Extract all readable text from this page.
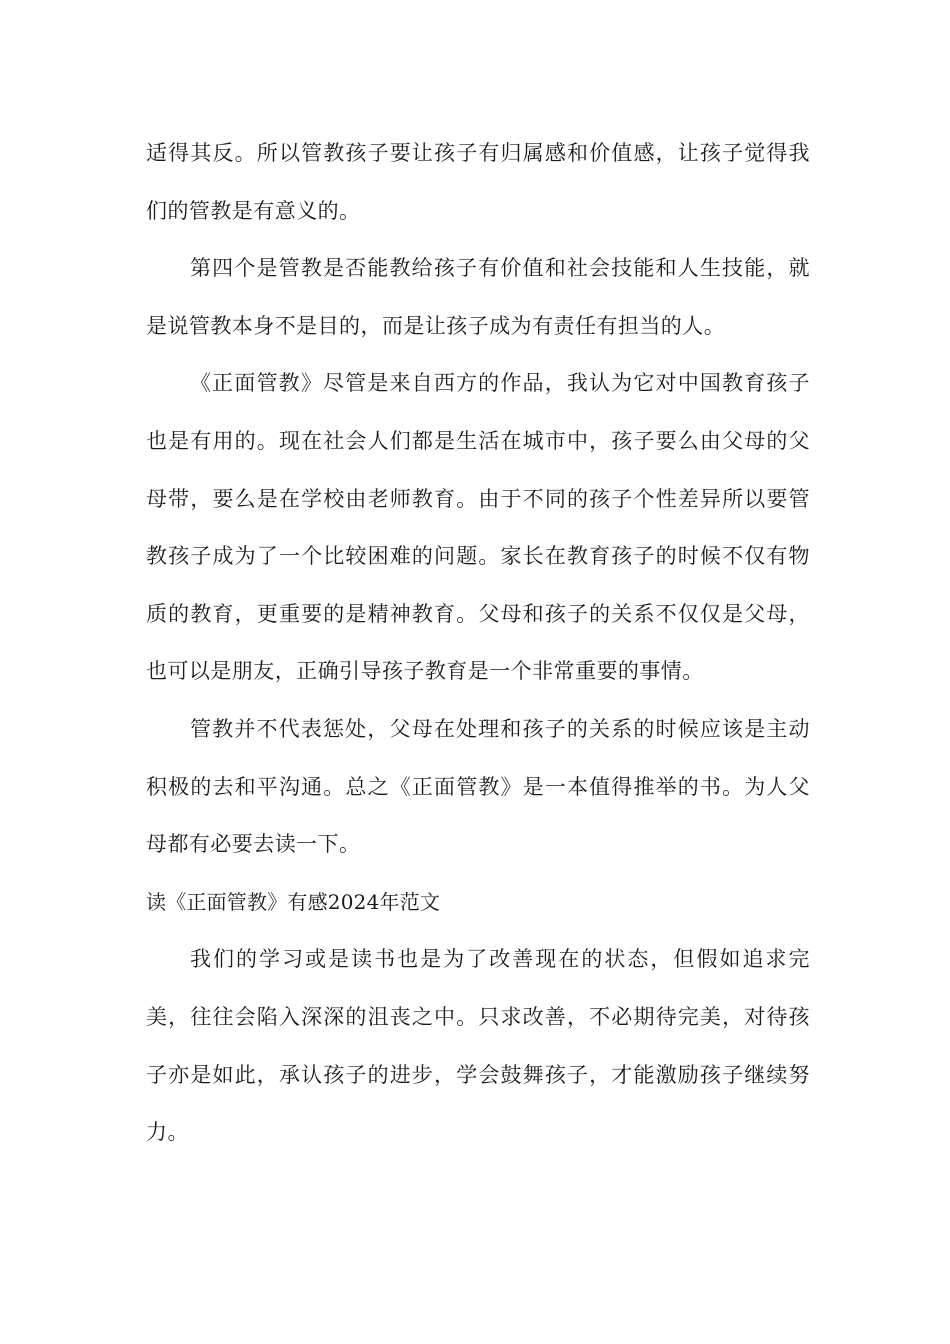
适得其反。所以管教孩子要让孩子有归属感和价值感，让孩子觉得我们的管教是有意义的。

第四个是管教是否能教给孩子有价值和社会技能和人生技能，就是说管教本身不是目的，而是让孩子成为有责任有担当的人。

《正面管教》尽管是来自西方的作品，我认为它对中国教育孩子也是有用的。现在社会人们都是生活在城市中，孩子要么由父母的父母带，要么是在学校由老师教育。由于不同的孩子个性差异所以要管教孩子成为了一个比较困难的问题。家长在教育孩子的时候不仅有物质的教育，更重要的是精神教育。父母和孩子的关系不仅仅是父母，也可以是朋友，正确引导孩子教育是一个非常重要的事情。

管教并不代表惩处，父母在处理和孩子的关系的时候应该是主动积极的去和平沟通。总之《正面管教》是一本值得推举的书。为人父母都有必要去读一下。

读《正面管教》有感2024年范文

我们的学习或是读书也是为了改善现在的状态，但假如追求完美，往往会陷入深深的沮丧之中。只求改善，不必期待完美，对待孩子亦是如此，承认孩子的进步，学会鼓舞孩子，才能激励孩子继续努力。
